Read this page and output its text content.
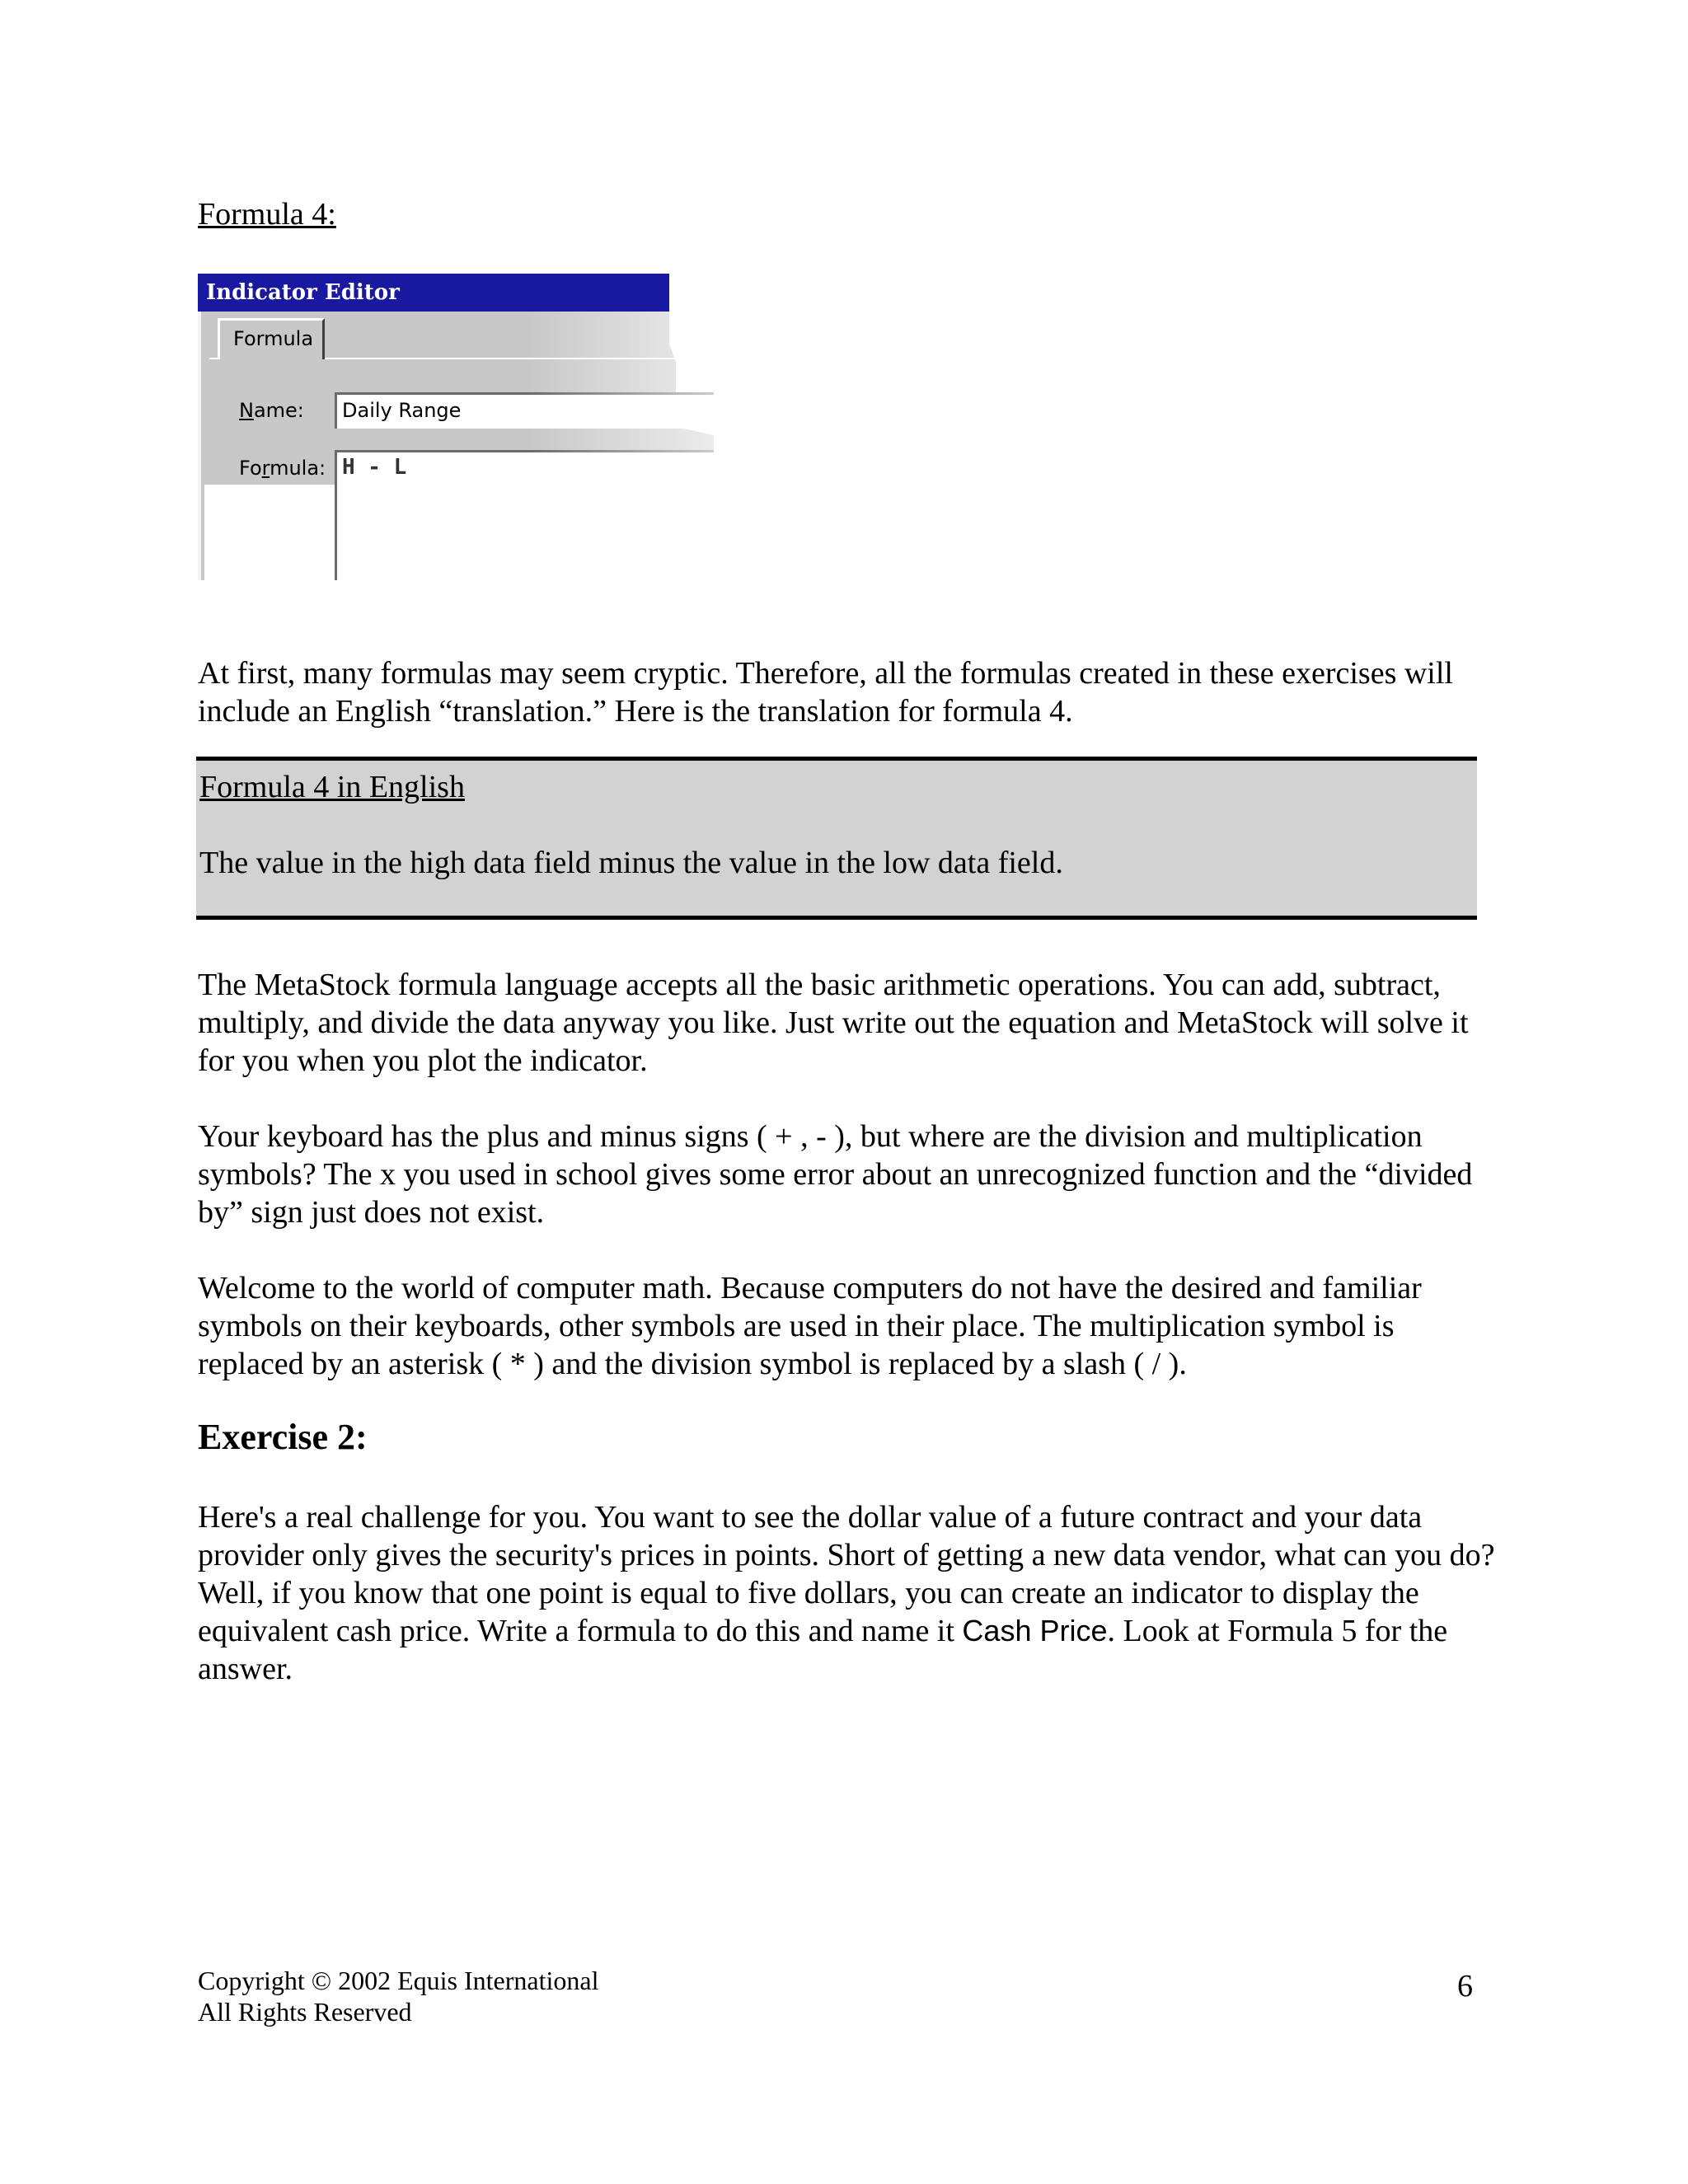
Formula 4:
Indicator Editor
Formula
Name:	Daily Range
Formula: H - L

At first, many formulas may seem cryptic. Therefore, all the formulas created in these exercises will include an English “translation.” Here is the translation for formula 4.

Formula 4 in English
The value in the high data field minus the value in the low data field.

The MetaStock formula language accepts all the basic arithmetic operations. You can add, subtract, multiply, and divide the data anyway you like. Just write out the equation and MetaStock will solve it for you when you plot the indicator.

Your keyboard has the plus and minus signs ( + , - ), but where are the division and multiplication symbols? The x you used in school gives some error about an unrecognized function and the “divided by” sign just does not exist.

Welcome to the world of computer math. Because computers do not have the desired and familiar symbols on their keyboards, other symbols are used in their place. The multiplication symbol is replaced by an asterisk ( * ) and the division symbol is replaced by a slash ( / ).

Exercise 2:

Here's a real challenge for you. You want to see the dollar value of a future contract and your data provider only gives the security's prices in points. Short of getting a new data vendor, what can you do? Well, if you know that one point is equal to five dollars, you can create an indicator to display the equivalent cash price. Write a formula to do this and name it Cash Price. Look at Formula 5 for the answer.

Copyright © 2002 Equis International
All Rights Reserved
6
